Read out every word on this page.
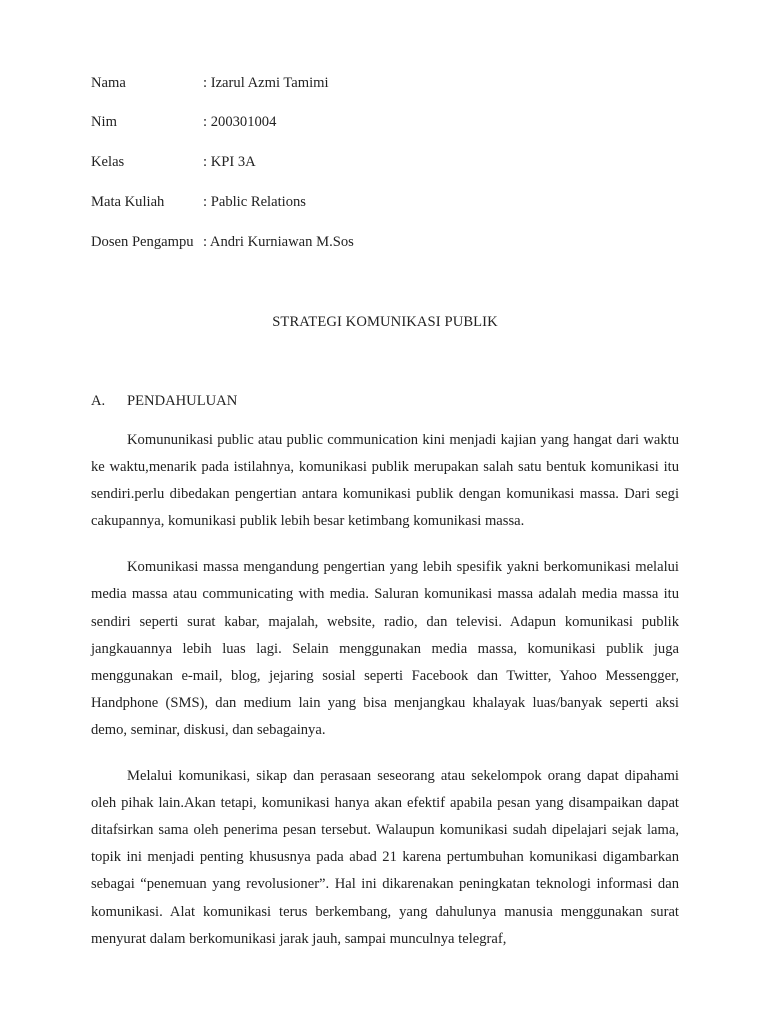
Nama	: Izarul Azmi Tamimi
Nim	: 200301004
Kelas	: KPI 3A
Mata Kuliah	: Pablic Relations
Dosen Pengampu : Andri Kurniawan M.Sos
STRATEGI KOMUNIKASI PUBLIK
A. PENDAHULUAN

Komununikasi public atau public communication kini menjadi kajian yang hangat dari waktu ke waktu,menarik pada istilahnya, komunikasi publik merupakan salah satu bentuk komunikasi itu sendiri.perlu dibedakan pengertian antara komunikasi publik dengan komunikasi massa. Dari segi cakupannya, komunikasi publik lebih besar ketimbang komunikasi massa.

Komunikasi massa mengandung pengertian yang lebih spesifik yakni berkomunikasi melalui media massa atau communicating with media. Saluran komunikasi massa adalah media massa itu sendiri seperti surat kabar, majalah, website, radio, dan televisi. Adapun komunikasi publik jangkauannya lebih luas lagi. Selain menggunakan media massa, komunikasi publik juga menggunakan e-mail, blog, jejaring sosial seperti Facebook dan Twitter, Yahoo Messengger, Handphone (SMS), dan medium lain yang bisa menjangkau khalayak luas/banyak seperti aksi demo, seminar, diskusi, dan sebagainya.

Melalui komunikasi, sikap dan perasaan seseorang atau sekelompok orang dapat dipahami oleh pihak lain.Akan tetapi, komunikasi hanya akan efektif apabila pesan yang disampaikan dapat ditafsirkan sama oleh penerima pesan tersebut. Walaupun komunikasi sudah dipelajari sejak lama, topik ini menjadi penting khususnya pada abad 21 karena pertumbuhan komunikasi digambarkan sebagai “penemuan yang revolusioner”. Hal ini dikarenakan peningkatan teknologi informasi dan komunikasi. Alat komunikasi terus berkembang, yang dahulunya manusia menggunakan surat menyurat dalam berkomunikasi jarak jauh, sampai munculnya telegraf,
